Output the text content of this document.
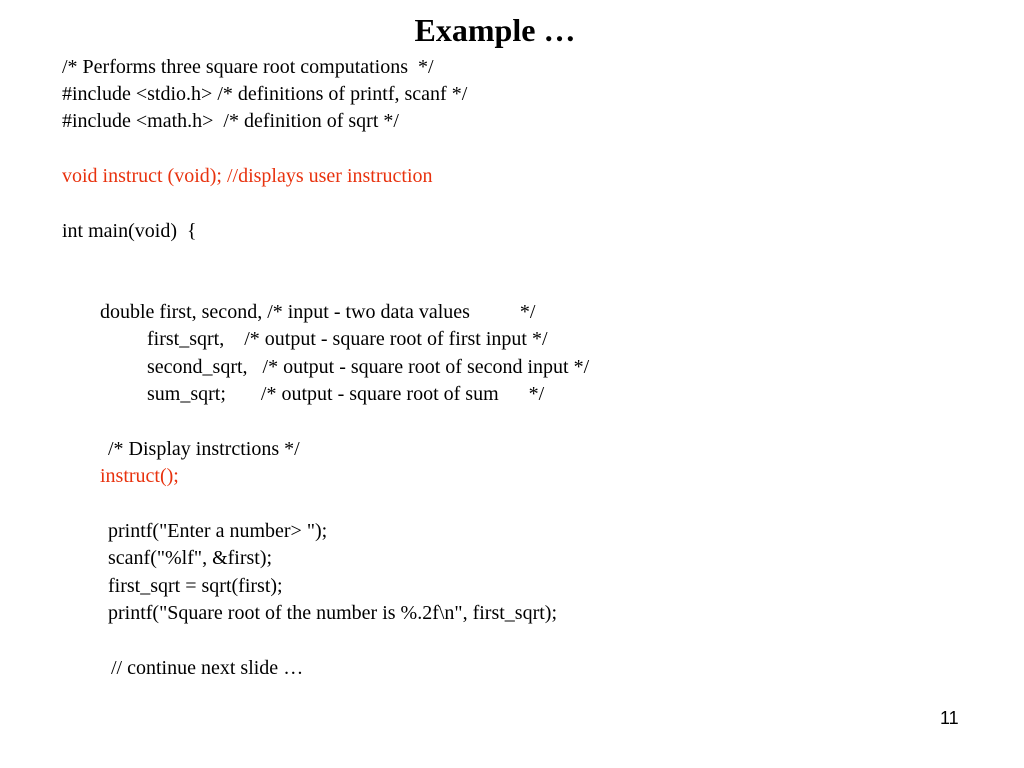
Example …

/* Performs three square root computations  */

#include <stdio.h> /* definitions of printf, scanf */

#include <math.h>  /* definition of sqrt */

void instruct (void); //displays user instruction

int main(void)  {

double first, second, /* input - two data values          */

first_sqrt,    /* output - square root of first input */

second_sqrt,   /* output - square root of second input */

sum_sqrt;       /* output - square root of sum      */

/* Display instrctions */

instruct();

printf("Enter a number> ");

scanf("%lf", &first);

first_sqrt = sqrt(first);

printf("Square root of the number is %.2f\n", first_sqrt);

// continue next slide …

11
